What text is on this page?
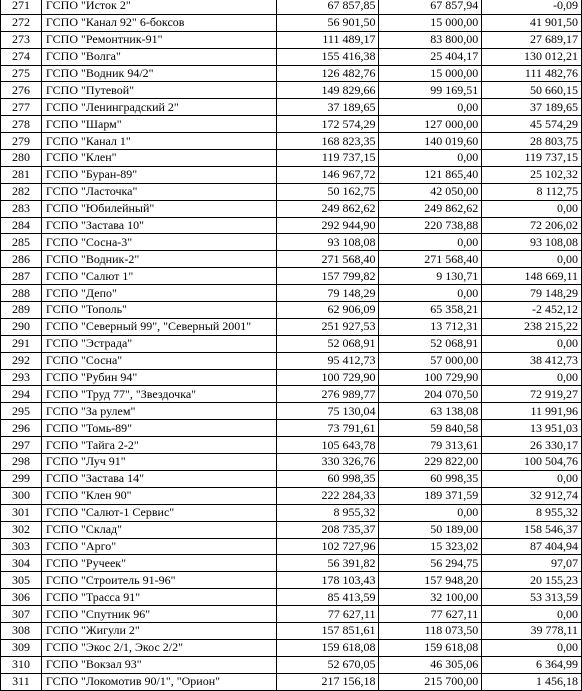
271	ГСПО "Исток 2"	67 857,85	67 857,94	-0,09
272	ГСПО "Канал 92" 6-боксов	56 901,50	15 000,00	41 901,50
273	ГСПО "Ремонтник-91"	111 489,17	83 800,00	27 689,17
274	ГСПО "Волга"	155 416,38	25 404,17	130 012,21
275	ГСПО "Водник 94/2"	126 482,76	15 000,00	111 482,76
276	ГСПО "Путевой"	149 829,66	99 169,51	50 660,15
277	ГСПО "Ленинградский 2"	37 189,65	0,00	37 189,65
278	ГСПО "Шарм"	172 574,29	127 000,00	45 574,29
279	ГСПО "Канал 1"	168 823,35	140 019,60	28 803,75
280	ГСПО "Клен"	119 737,15	0,00	119 737,15
281	ГСПО "Буран-89"	146 967,72	121 865,40	25 102,32
282	ГСПО "Ласточка"	50 162,75	42 050,00	8 112,75
283	ГСПО "Юбилейный"	249 862,62	249 862,62	0,00
284	ГСПО "Застава 10"	292 944,90	220 738,88	72 206,02
285	ГСПО "Сосна-3"	93 108,08	0,00	93 108,08
286	ГСПО "Водник-2"	271 568,40	271 568,40	0,00
287	ГСПО "Салют 1"	157 799,82	9 130,71	148 669,11
288	ГСПО "Депо"	79 148,29	0,00	79 148,29
289	ГСПО "Тополь"	62 906,09	65 358,21	-2 452,12
290	ГСПО "Северный 99", "Северный 2001"	251 927,53	13 712,31	238 215,22
291	ГСПО "Эстрада"	52 068,91	52 068,91	0,00
292	ГСПО "Сосна"	95 412,73	57 000,00	38 412,73
293	ГСПО "Рубин 94"	100 729,90	100 729,90	0,00
294	ГСПО "Труд 77", "Звездочка"	276 989,77	204 070,50	72 919,27
295	ГСПО "За рулем"	75 130,04	63 138,08	11 991,96
296	ГСПО "Томь-89"	73 791,61	59 840,58	13 951,03
297	ГСПО "Тайга 2-2"	105 643,78	79 313,61	26 330,17
298	ГСПО "Луч 91"	330 326,76	229 822,00	100 504,76
299	ГСПО "Застава 14"	60 998,35	60 998,35	0,00
300	ГСПО "Клен 90"	222 284,33	189 371,59	32 912,74
301	ГСПО "Салют-1 Сервис"	8 955,32	0,00	8 955,32
302	ГСПО "Склад"	208 735,37	50 189,00	158 546,37
303	ГСПО "Арго"	102 727,96	15 323,02	87 404,94
304	ГСПО "Ручеек"	56 391,82	56 294,75	97,07
305	ГСПО "Строитель 91-96"	178 103,43	157 948,20	20 155,23
306	ГСПО "Трасса 91"	85 413,59	32 100,00	53 313,59
307	ГСПО "Спутник 96"	77 627,11	77 627,11	0,00
308	ГСПО "Жигули 2"	157 851,61	118 073,50	39 778,11
309	ГСПО "Экос 2/1, Экос 2/2"	159 618,08	159 618,08	0,00
310	ГСПО "Вокзал 93"	52 670,05	46 305,06	6 364,99
311	ГСПО "Локомотив 90/1", "Орион"	217 156,18	215 700,00	1 456,18
